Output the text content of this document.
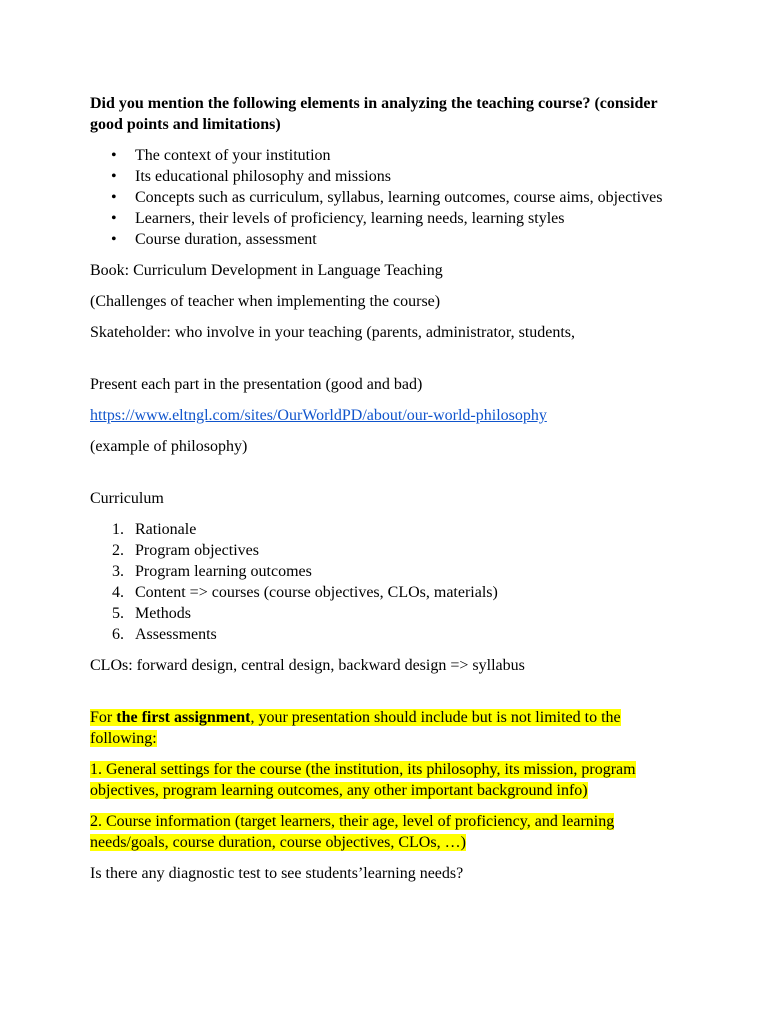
Did you mention the following elements in analyzing the teaching course? (consider good points and limitations)

• The context of your institution
• Its educational philosophy and missions
• Concepts such as curriculum, syllabus, learning outcomes, course aims, objectives
• Learners, their levels of proficiency, learning needs, learning styles
• Course duration, assessment

Book: Curriculum Development in Language Teaching

(Challenges of teacher when implementing the course)

Skateholder: who involve in your teaching (parents, administrator, students,

Present each part in the presentation (good and bad)

https://www.eltngl.com/sites/OurWorldPD/about/our-world-philosophy

(example of philosophy)

Curriculum

1. Rationale
2. Program objectives
3. Program learning outcomes
4. Content => courses (course objectives, CLOs, materials)
5. Methods
6. Assessments

CLOs: forward design, central design, backward design => syllabus

For the first assignment, your presentation should include but is not limited to the following:

1. General settings for the course (the institution, its philosophy, its mission, program objectives, program learning outcomes, any other important background info)

2. Course information (target learners, their age, level of proficiency, and learning needs/goals, course duration, course objectives, CLOs, …)

Is there any diagnostic test to see students’learning needs?
